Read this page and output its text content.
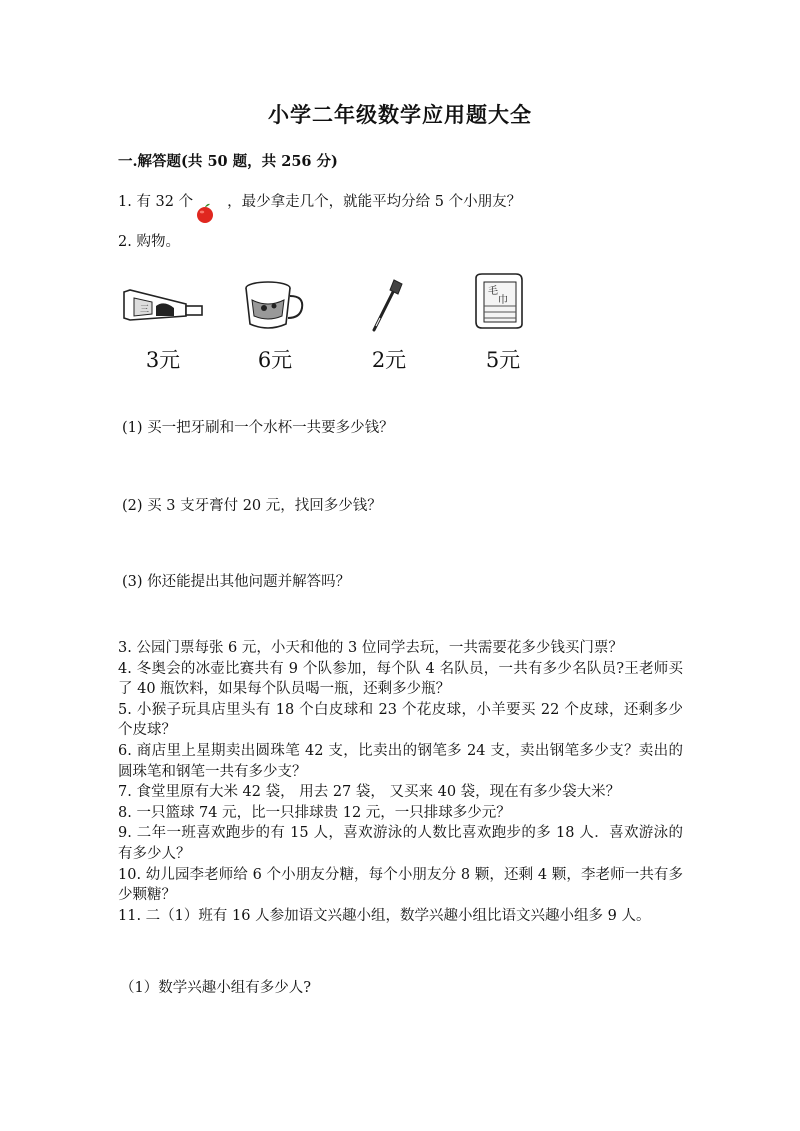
小学二年级数学应用题大全
一.解答题(共 50 题，共 256 分)
1. 有 32 个 ，最少拿走几个，就能平均分给 5 个小朋友？
2. 购物。
三
3元	6元	2元
毛
巾
5元
(1) 买一把牙刷和一个水杯一共要多少钱？
(2) 买 3 支牙膏付 20 元，找回多少钱？
(3) 你还能提出其他问题并解答吗？

3. 公园门票每张 6 元，小天和他的 3 位同学去玩，一共需要花多少钱买门票？

4. 冬奥会的冰壶比赛共有 9 个队参加，每个队 4 名队员，一共有多少名队员?王老师买了 40 瓶饮料，如果每个队员喝一瓶，还剩多少瓶？

5. 小猴子玩具店里头有 18 个白皮球和 23 个花皮球，小羊要买 22 个皮球，还剩多少个皮球？

6. 商店里上星期卖出圆珠笔 42 支，比卖出的钢笔多 24 支，卖出钢笔多少支？卖出的圆珠笔和钢笔一共有多少支？

7. 食堂里原有大米 42 袋， 用去 27 袋， 又买来 40 袋，现在有多少袋大米？

8. 一只篮球 74 元，比一只排球贵 12 元，一只排球多少元？

9. 二年一班喜欢跑步的有 15 人，喜欢游泳的人数比喜欢跑步的多 18 人．喜欢游泳的有多少人？

10. 幼儿园李老师给 6 个小朋友分糖，每个小朋友分 8 颗，还剩 4 颗，李老师一共有多少颗糖？

11. 二（1）班有 16 人参加语文兴趣小组，数学兴趣小组比语文兴趣小组多 9 人。

（1）数学兴趣小组有多少人?
